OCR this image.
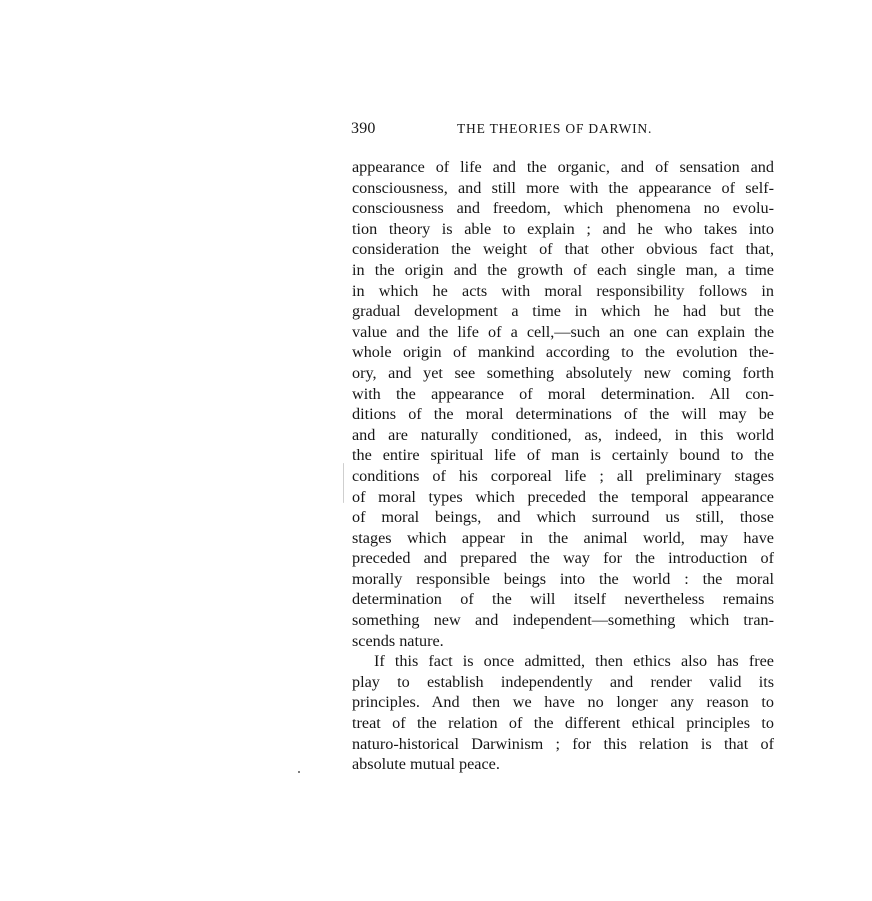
390	THE THEORIES OF DARWIN.
appearance of life and the organic, and of sensation and
consciousness, and still more with the appearance of self-
consciousness and freedom, which phenomena no evolu-
tion theory is able to explain ; and he who takes into
consideration the weight of that other obvious fact that,
in the origin and the growth of each single man, a time
in which he acts with moral responsibility follows in
gradual development a time in which he had but the
value and the life of a cell,—such an one can explain the
whole origin of mankind according to the evolution the-
ory, and yet see something absolutely new coming forth
with the appearance of moral determination. All con-
ditions of the moral determinations of the will may be
and are naturally conditioned, as, indeed, in this world
the entire spiritual life of man is certainly bound to the
conditions of his corporeal life ; all preliminary stages
of moral types which preceded the temporal appearance
of moral beings, and which surround us still, those
stages which appear in the animal world, may have
preceded and prepared the way for the introduction of
morally responsible beings into the world : the moral
determination of the will itself nevertheless remains
something new and independent—something which tran-
scends nature.
If this fact is once admitted, then ethics also has free
play to establish independently and render valid its
principles. And then we have no longer any reason to
treat of the relation of the different ethical principles to
naturo-historical Darwinism ; for this relation is that of
absolute mutual peace.
